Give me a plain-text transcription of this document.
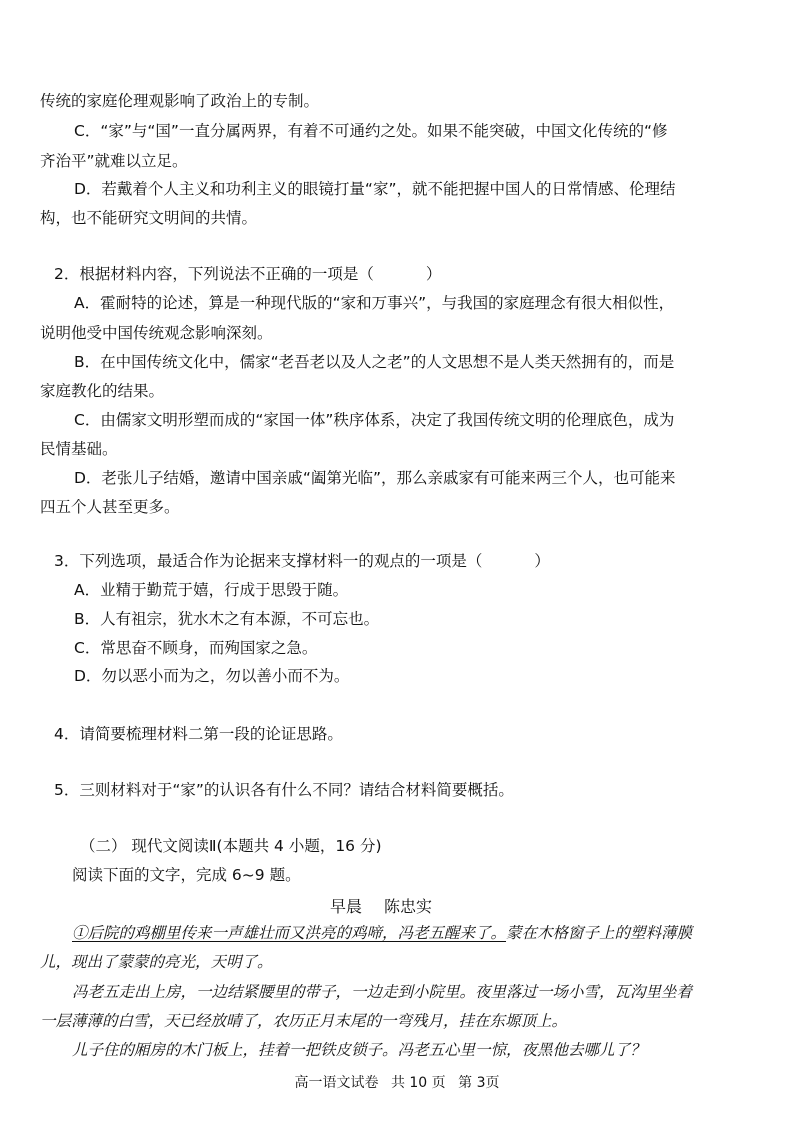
传统的家庭伦理观影响了政治上的专制。
C．“家”与“国”一直分属两界，有着不可通约之处。如果不能突破，中国文化传统的“修
齐治平”就难以立足。
D．若戴着个人主义和功利主义的眼镜打量“家”，就不能把握中国人的日常情感、伦理结
构，也不能研究文明间的共情。
2．根据材料内容，下列说法不正确的一项是（	）
A．霍耐特的论述，算是一种现代版的“家和万事兴”，与我国的家庭理念有很大相似性，
说明他受中国传统观念影响深刻。
B．在中国传统文化中，儒家“老吾老以及人之老”的人文思想不是人类天然拥有的，而是
家庭教化的结果。
C．由儒家文明形塑而成的“家国一体”秩序体系，决定了我国传统文明的伦理底色，成为
民情基础。
D．老张儿子结婚，邀请中国亲戚“阖第光临”，那么亲戚家有可能来两三个人，也可能来
四五个人甚至更多。
3．下列选项，最适合作为论据来支撑材料一的观点的一项是（	）
A．业精于勤荒于嬉，行成于思毁于随。
B．人有祖宗，犹水木之有本源，不可忘也。
C．常思奋不顾身，而殉国家之急。
D．勿以恶小而为之，勿以善小而不为。
4．请简要梳理材料二第一段的论证思路。
5．三则材料对于“家”的认识各有什么不同？请结合材料简要概括。
（二） 现代文阅读Ⅱ(本题共 4 小题，16 分)
阅读下面的文字，完成 6~9 题。
早晨 陈忠实
①后院的鸡棚里传来一声雄壮而又洪亮的鸡啼，冯老五醒来了。蒙在木格窗子上的塑料薄膜
儿，现出了蒙蒙的亮光，天明了。
冯老五走出上房，一边结紧腰里的带子，一边走到小院里。夜里落过一场小雪，瓦沟里坐着
一层薄薄的白雪，天已经放晴了，农历正月末尾的一弯残月，挂在东塬顶上。
儿子住的厢房的木门板上，挂着一把铁皮锁子。冯老五心里一惊，夜黑他去哪儿了？
高一语文试卷 共 10 页 第 3页
